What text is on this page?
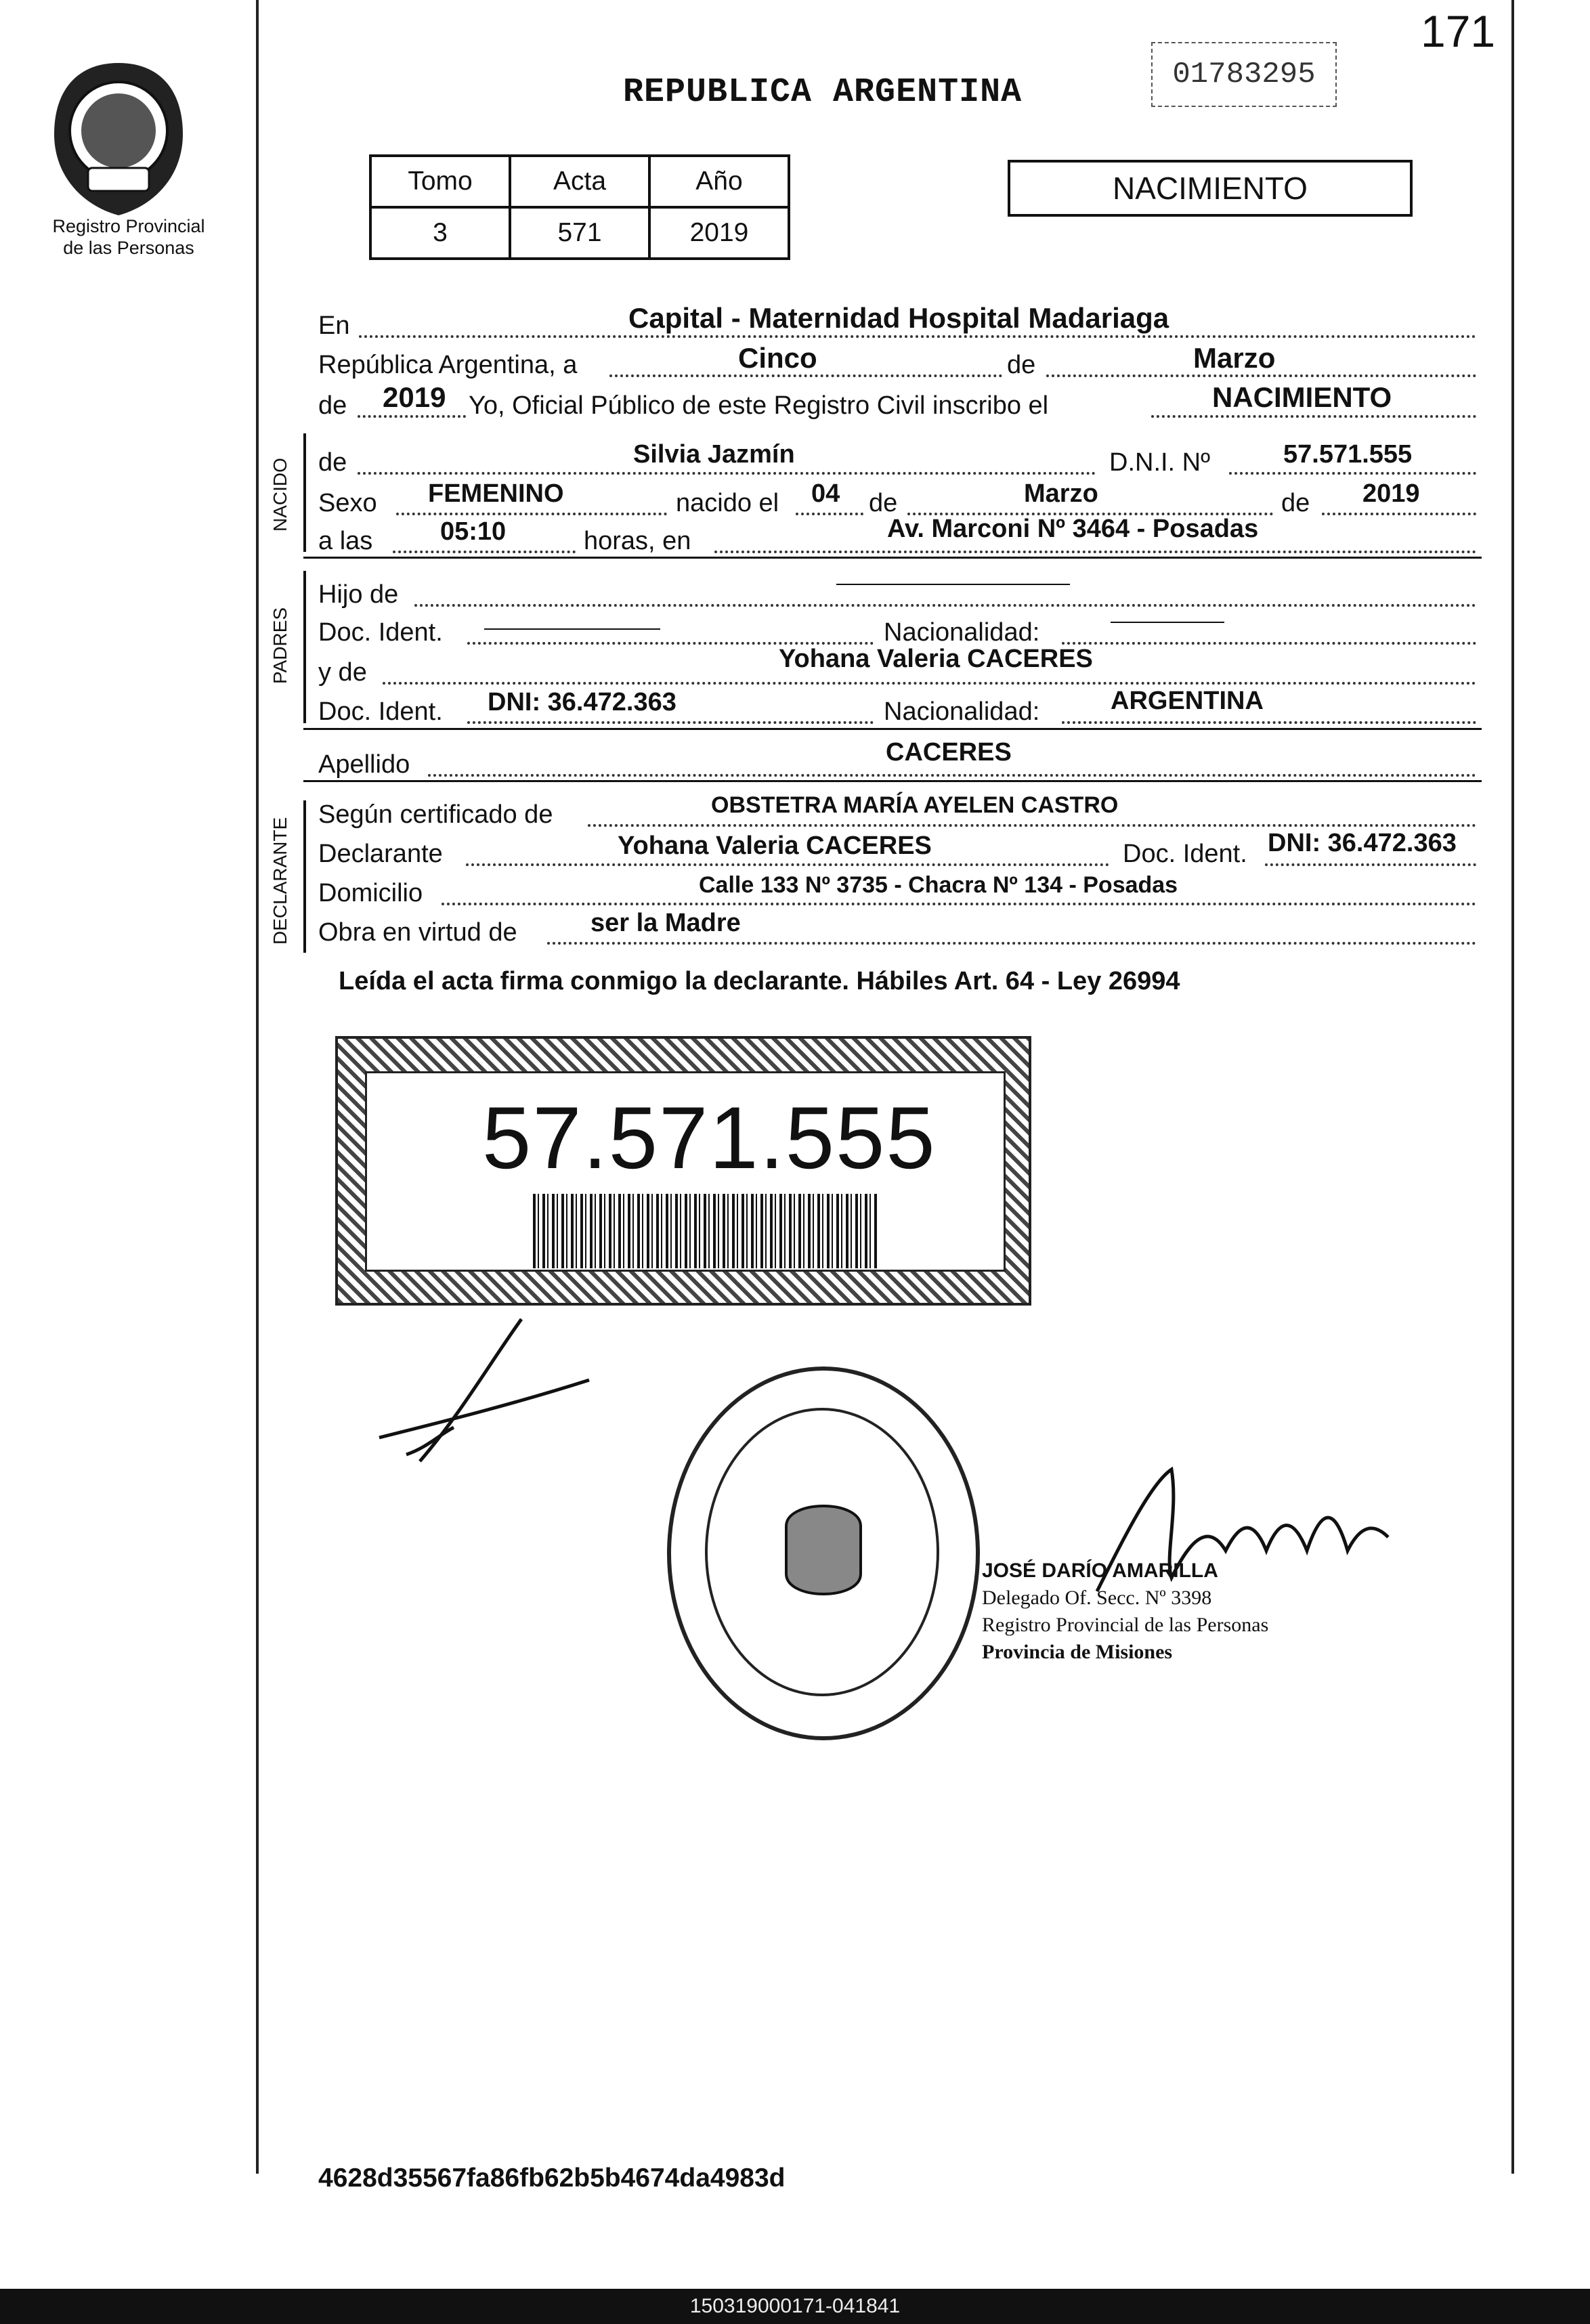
171
01783295
REPUBLICA ARGENTINA
Registro Provincial
de las Personas
Tomo	Acta	Año
3	571	2019
NACIMIENTO
En	Capital - Maternidad Hospital Madariaga
República Argentina, a	Cinco	de	Marzo
de 2019 Yo, Oficial Público de este Registro Civil inscribo el	NACIMIENTO
NACIDO de	Silvia Jazmín	D.N.I. Nº	57.571.555
Sexo FEMENINO	nacido el 04 de	Marzo	de 2019
a las	05:10	horas, en	Av. Marconi Nº 3464 - Posadas
PADRES
Hijo de
Doc. Ident.	Nacionalidad:
y de	Yohana Valeria CACERES
Doc. Ident. DNI: 36.472.363	Nacionalidad:	ARGENTINA
Apellido	CACERES
DECLARANTE
Según certificado de	OBSTETRA MARÍA AYELEN CASTRO
Declarante	Yohana Valeria CACERES	Doc. Ident. DNI: 36.472.363
Domicilio	Calle 133 Nº 3735 - Chacra Nº 134 - Posadas
Obra en virtud de	ser la Madre
Leída el acta firma conmigo la declarante. Hábiles Art. 64 - Ley 26994
57.571.555
JOSÉ DARÍO AMARILLA
Delegado Of. Secc. Nº 3398
Registro Provincial de las Personas
Provincia de Misiones
4628d35567fa86fb62b5b4674da4983d
150319000171-041841
